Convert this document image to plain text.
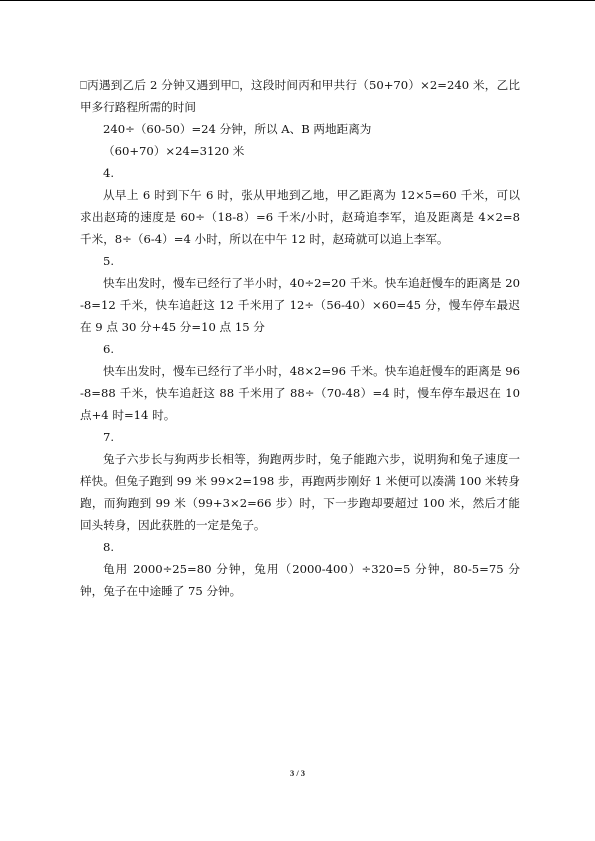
⎕丙遇到乙后 2 分钟又遇到甲⎕，这段时间丙和甲共行（50+70）×2=240 米，乙比甲多行路程所需的时间

240÷（60-50）=24 分钟，所以 A、B 两地距离为

（60+70）×24=3120 米

4.

从早上 6 时到下午 6 时，张从甲地到乙地，甲乙距离为 12×5=60 千米，可以求出赵琦的速度是 60÷（18-8）=6 千米/小时，赵琦追李军，追及距离是 4×2=8 千米，8÷（6-4）=4 小时，所以在中午 12 时，赵琦就可以追上李军。

5.

快车出发时，慢车已经行了半小时，40÷2=20 千米。快车追赶慢车的距离是 20-8=12 千米，快车追赶这 12 千米用了 12÷（56-40）×60=45 分，慢车停车最迟在 9 点 30 分+45 分=10 点 15 分

6.

快车出发时，慢车已经行了半小时，48×2=96 千米。快车追赶慢车的距离是 96-8=88 千米，快车追赶这 88 千米用了 88÷（70-48）=4 时，慢车停车最迟在 10 点+4 时=14 时。

7.

兔子六步长与狗两步长相等，狗跑两步时，兔子能跑六步，说明狗和兔子速度一样快。但兔子跑到 99 米 99×2=198 步，再跑两步刚好 1 米便可以凑满 100 米转身跑，而狗跑到 99 米（99+3×2=66 步）时，下一步跑却要超过 100 米，然后才能回头转身，因此获胜的一定是兔子。

8.

龟用 2000÷25=80 分钟，兔用（2000-400）÷320=5 分钟，80-5=75 分钟，兔子在中途睡了 75 分钟。

3 / 3
